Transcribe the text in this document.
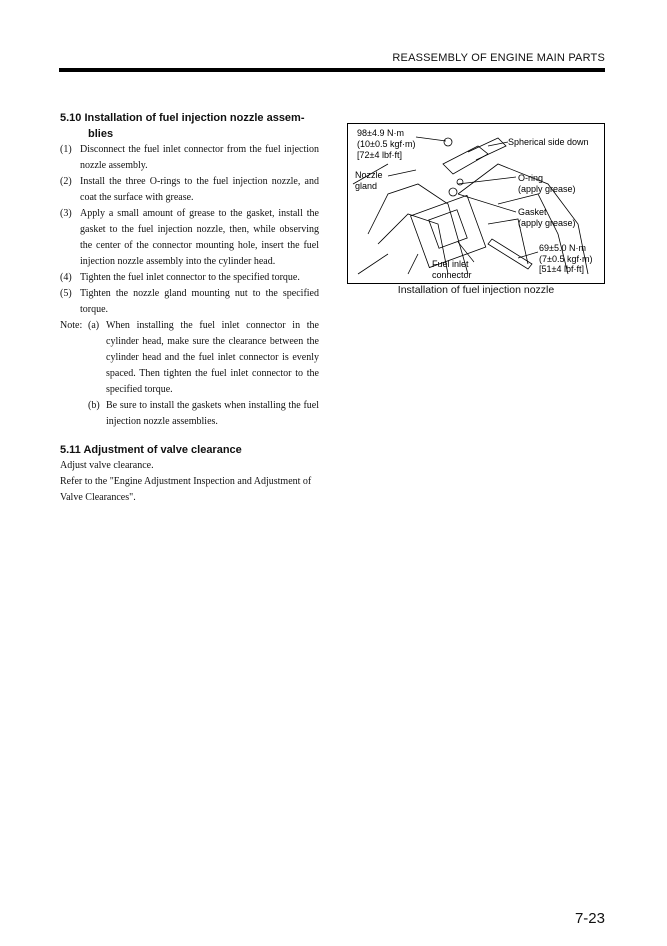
REASSEMBLY OF ENGINE MAIN PARTS
5.10 Installation of fuel injection nozzle assem-blies
(1) Disconnect the fuel inlet connector from the fuel injection nozzle assembly.
(2) Install the three O-rings to the fuel injection nozzle, and coat the surface with grease.
(3) Apply a small amount of grease to the gasket, install the gasket to the fuel injection nozzle, then, while observing the center of the connector mounting hole, insert the fuel injection nozzle assembly into the cylinder head.
(4) Tighten the fuel inlet connector to the specified torque.
(5) Tighten the nozzle gland mounting nut to the specified torque.
Note: (a) When installing the fuel inlet connector in the cylinder head, make sure the clearance between the cylinder head and the fuel inlet connector is evenly spaced. Then tighten the fuel inlet connector to the specified torque.
(b) Be sure to install the gaskets when installing the fuel injection nozzle assemblies.
5.11 Adjustment of valve clearance

Adjust valve clearance.

Refer to the "Engine Adjustment Inspection and Adjustment of Valve Clearances".

98±4.9 N·m
(10±0.5 kgf·m)
[72±4 lbf·ft]
Spherical side down
Nozzle
gland
O-ring
(apply grease)
Gasket
(apply grease)
69±5.0 N·m
(7±0.5 kgf·m)
[51±4 lbf·ft]
Fuel inlet
connector
Installation of fuel injection nozzle
7-23
